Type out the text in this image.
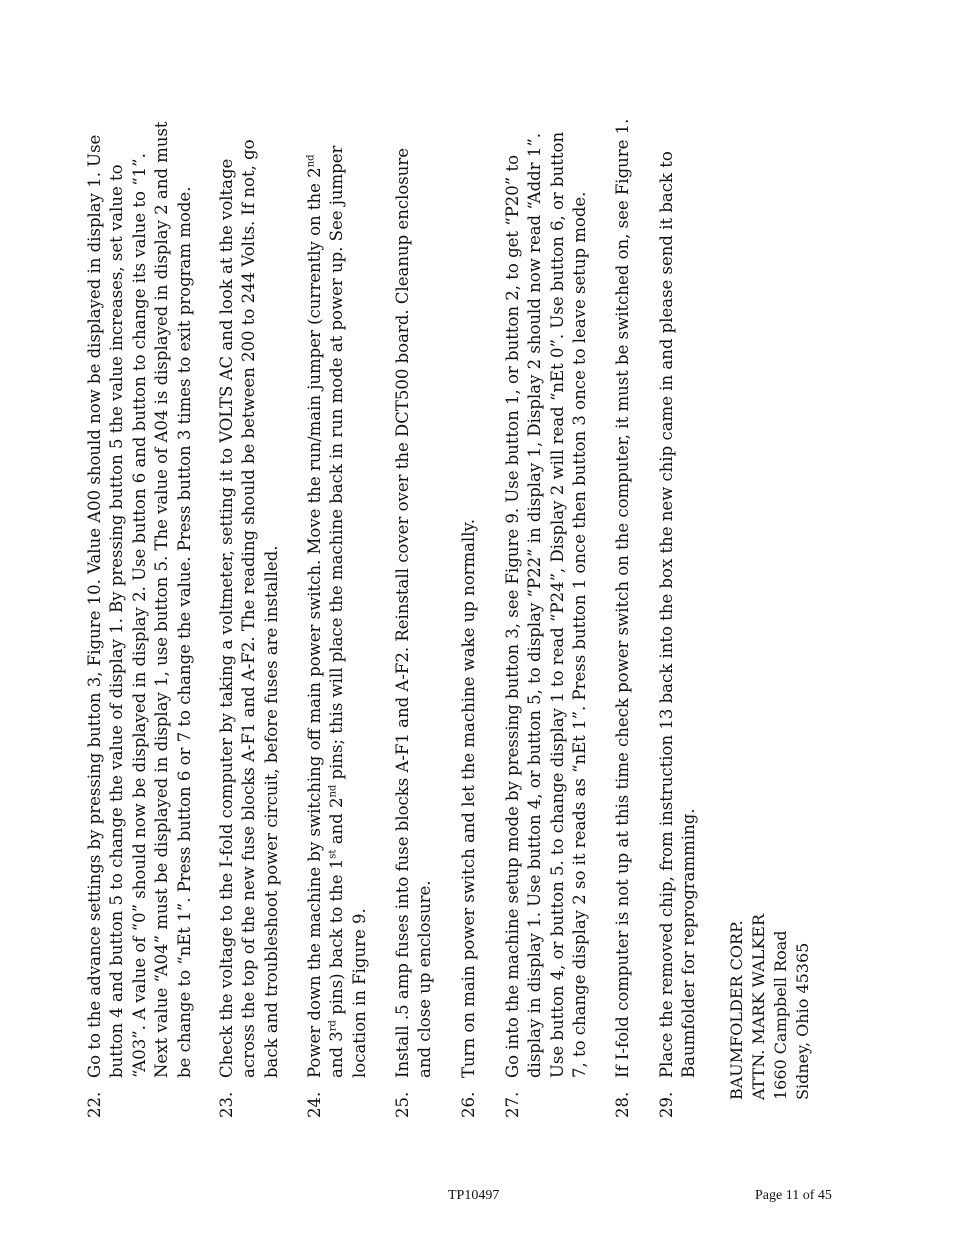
22.
Go to the advance settings by pressing button 3, Figure 10. Value A00 should now be displayed in display 1. Use button 4 and button 5 to change the value of display 1. By pressing button 5 the value increases, set value to “A03”. A value of “0” should now be displayed in display 2. Use button 6 and button to change its value to “1”. Next value “A04” must be displayed in display 1, use button 5. The value of A04 is displayed in display 2 and must be change to “nEt 1”. Press button 6 or 7 to change the value. Press button 3 times to exit program mode.
23.
Check the voltage to the I-fold computer by taking a voltmeter, setting it to VOLTS AC and look at the voltage across the top of the new fuse blocks A-F1 and A-F2. The reading should be between 200 to 244 Volts. If not, go back and troubleshoot power circuit, before fuses are installed.
24.
Power down the machine by switching off main power switch. Move the run/main jumper (currently on the 2nd
and 3rd pins) back to the 1st and 2nd pins; this will place the machine back in run mode at power up. See jumper
location in Figure 9.
25.
Install .5 amp fuses into fuse blocks A-F1 and A-F2. Reinstall cover over the DCT500 board. Cleanup enclosure and close up enclosure.
26.
Turn on main power switch and let the machine wake up normally.
27.
Go into the machine setup mode by pressing button 3, see Figure 9. Use button 1, or button 2, to get “P20” to display in display 1. Use button 4, or button 5, to display “P22” in display 1, Display 2 should now read “Addr 1”. Use button 4, or button 5. to change display 1 to read “P24”, Display 2 will read “nEt 0”. Use button 6, or button 7, to change display 2 so it reads as “nEt 1”. Press button 1 once then button 3 once to leave setup mode.
28.
If I-fold computer is not up at this time check power switch on the computer, it must be switched on, see Figure 1.
29.
Place the removed chip, from instruction 13 back into the box the new chip came in and please send it back to Baumfolder for reprogramming. BAUMFOLDER CORP. ATTN. MARK WALKER 1660 Campbell Road Sidney, Ohio 45365
TP10497	Page 11 of 45
